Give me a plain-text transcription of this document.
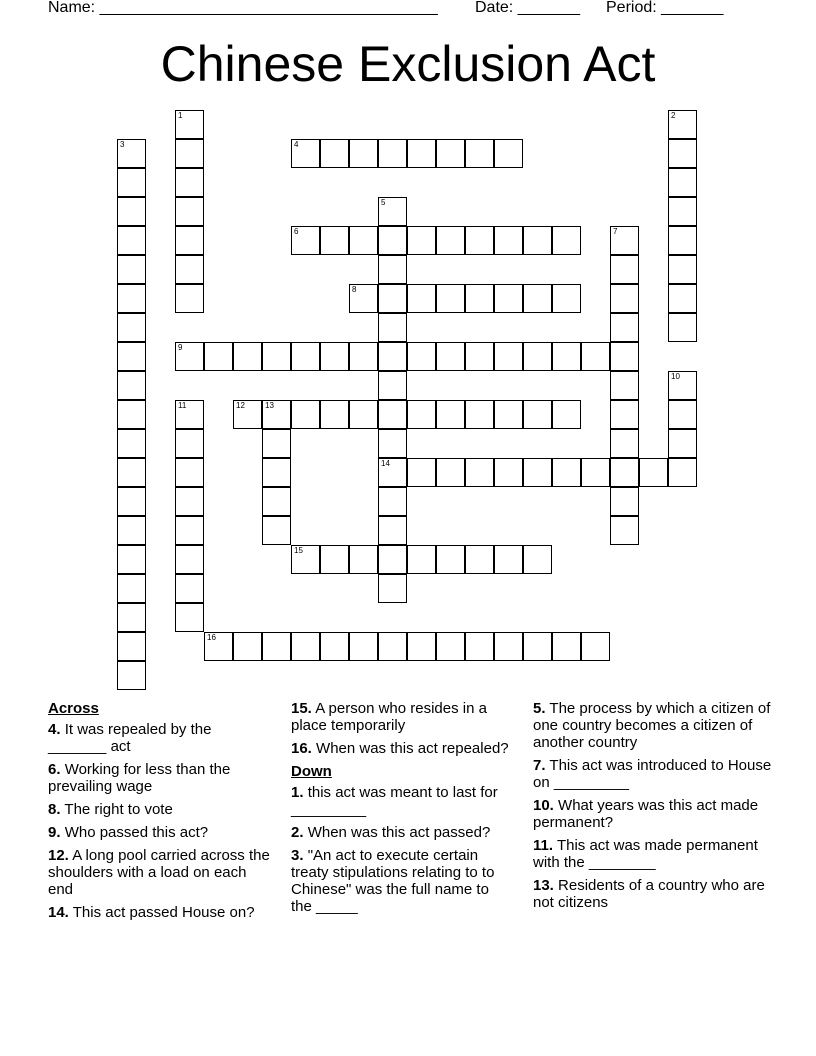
Name: ______________________________________ Date: _______ Period: _______
Chinese Exclusion Act
1	2
3	4
5
14
6	7
8
9
10
11	12	13
15
16
Across
4. It was repealed by the _______ act
6. Working for less than the prevailing wage
8. The right to vote
9. Who passed this act?
12. A long pool carried across the shoulders with a load on each end
14. This act passed House on?
15. A person who resides in a place temporarily
16. When was this act repealed?
Down
1. this act was meant to last for _________
2. When was this act passed?
3. "An act to execute certain treaty stipulations relating to to Chinese" was the full name to the _____
5. The process by which a citizen of one country becomes a citizen of another country
7. This act was introduced to House on _________
10. What years was this act made permanent?
11. This act was made permanent with the ________
13. Residents of a country who are not citizens
